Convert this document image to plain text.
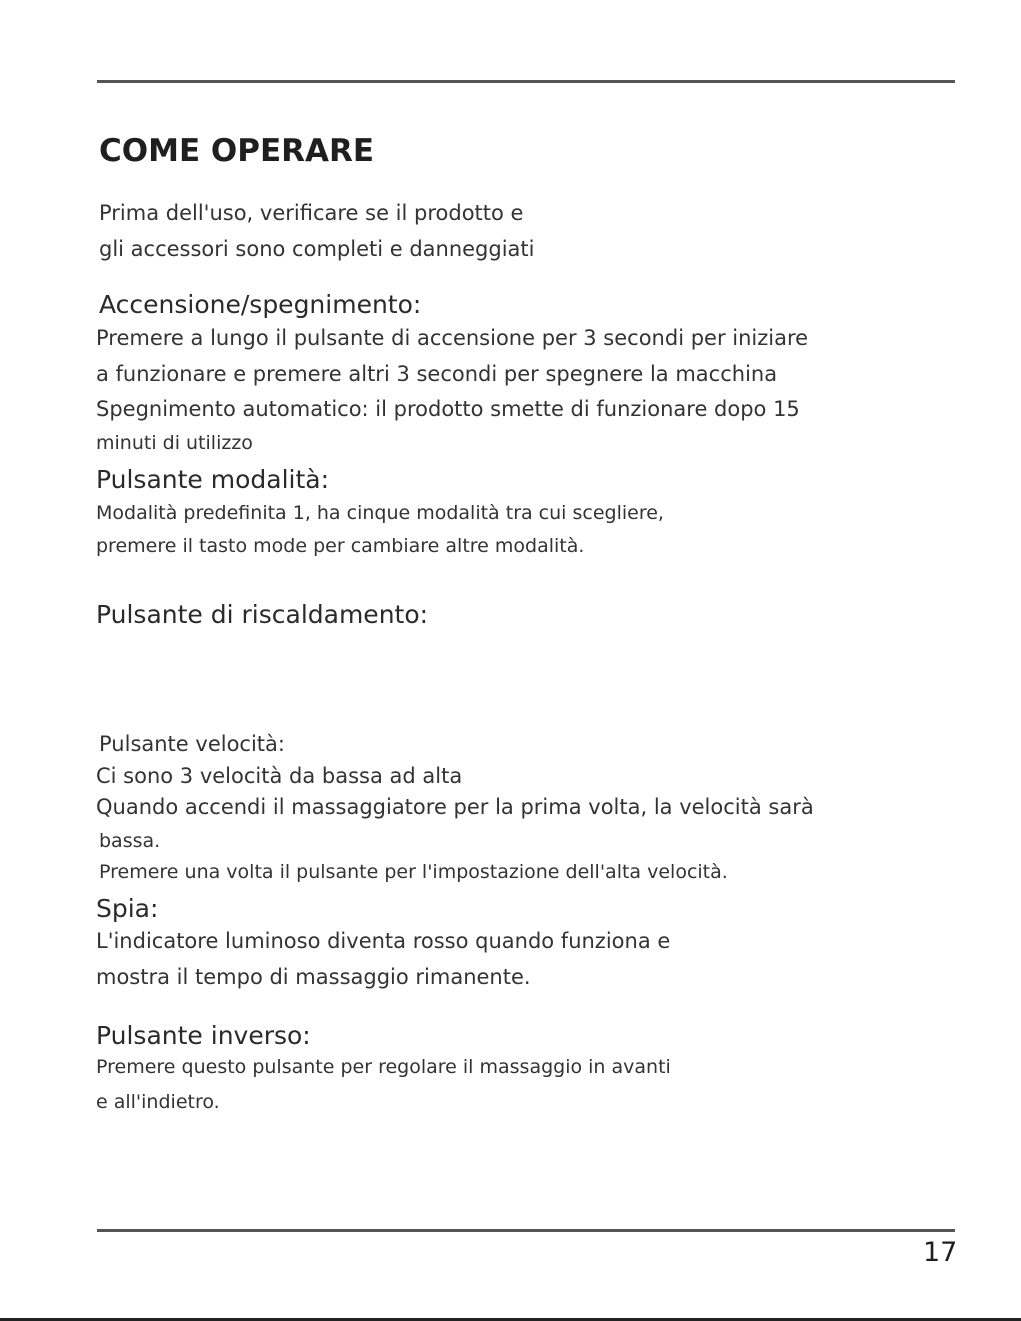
COME OPERARE

Prima dell'uso, verificare se il prodotto e

gli accessori sono completi e danneggiati

Accensione/spegnimento:

Premere a lungo il pulsante di accensione per 3 secondi per iniziare

a funzionare e premere altri 3 secondi per spegnere la macchina

Spegnimento automatico: il prodotto smette di funzionare dopo 15

minuti di utilizzo

Pulsante modalità:

Modalità predefinita 1, ha cinque modalità tra cui scegliere,

premere il tasto mode per cambiare altre modalità.

Pulsante di riscaldamento:

Pulsante velocità:

Ci sono 3 velocità da bassa ad alta

Quando accendi il massaggiatore per la prima volta, la velocità sarà

bassa.

Premere una volta il pulsante per l'impostazione dell'alta velocità.

Spia:

L'indicatore luminoso diventa rosso quando funziona e

mostra il tempo di massaggio rimanente.

Pulsante inverso:

Premere questo pulsante per regolare il massaggio in avanti

e all'indietro.

17
